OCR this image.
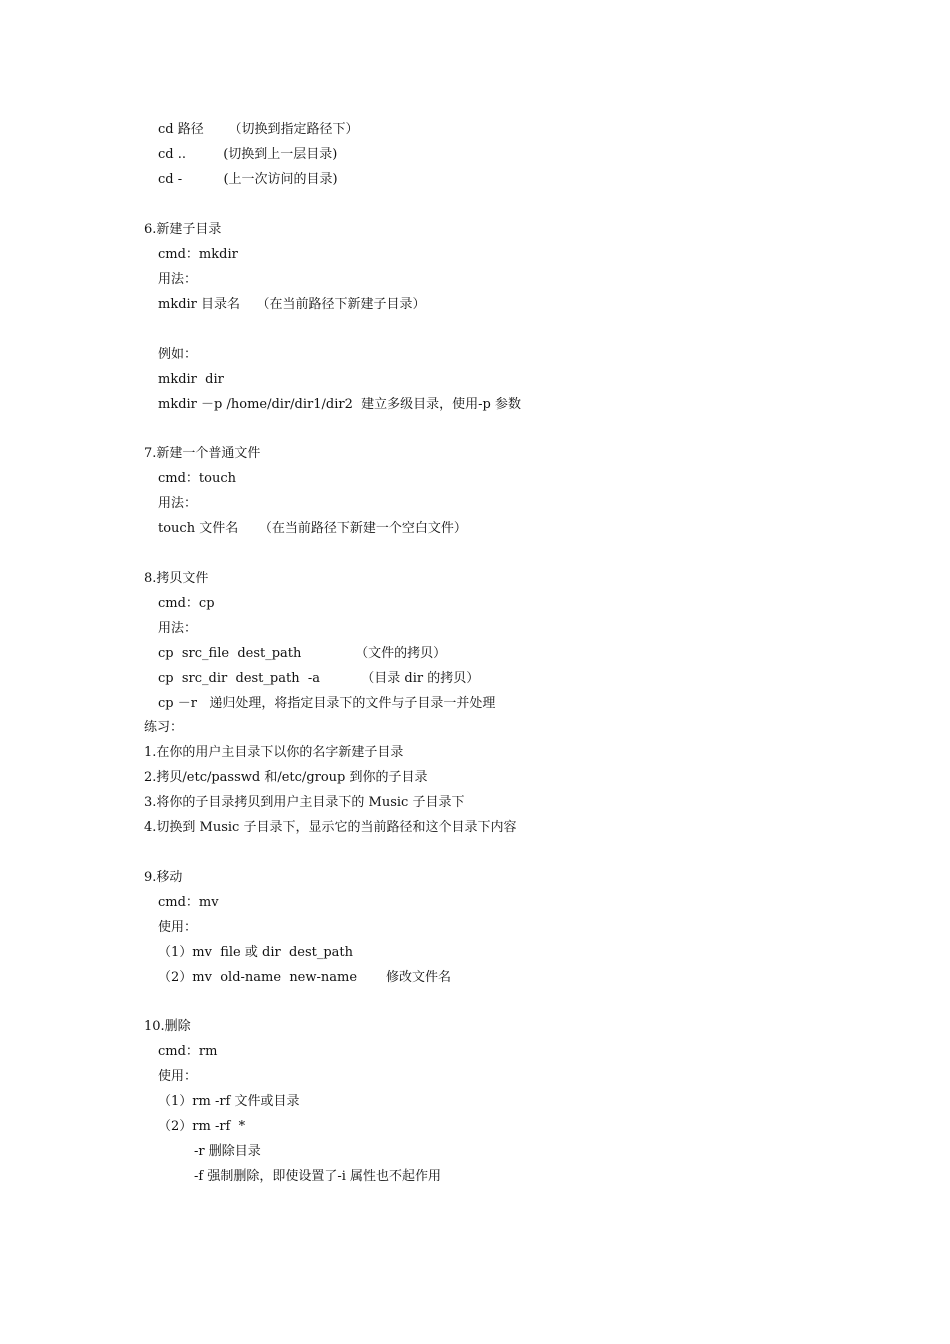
cd 路径      （切换到指定路径下）

cd ..         (切换到上一层目录)

cd -          (上一次访问的目录)

6.新建子目录

cmd：mkdir

用法：

mkdir 目录名    （在当前路径下新建子目录）

例如：

mkdir  dir

mkdir －p /home/dir/dir1/dir2  建立多级目录，使用-p 参数

7.新建一个普通文件

cmd：touch

用法：

touch 文件名     （在当前路径下新建一个空白文件）

8.拷贝文件

cmd：cp

用法：

cp  src_file  dest_path             （文件的拷贝）

cp  src_dir  dest_path  -a          （目录 dir 的拷贝）

cp －r   递归处理，将指定目录下的文件与子目录一并处理

练习：

1.在你的用户主目录下以你的名字新建子目录

2.拷贝/etc/passwd 和/etc/group 到你的子目录

3.将你的子目录拷贝到用户主目录下的 Music 子目录下

4.切换到 Music 子目录下，显示它的当前路径和这个目录下内容

9.移动

cmd：mv

使用：

（1）mv  file 或 dir  dest_path

（2）mv  old-name  new-name       修改文件名

10.删除

cmd：rm

使用：

（1）rm -rf 文件或目录

（2）rm -rf  *

-r 删除目录

-f 强制删除，即使设置了-i 属性也不起作用
